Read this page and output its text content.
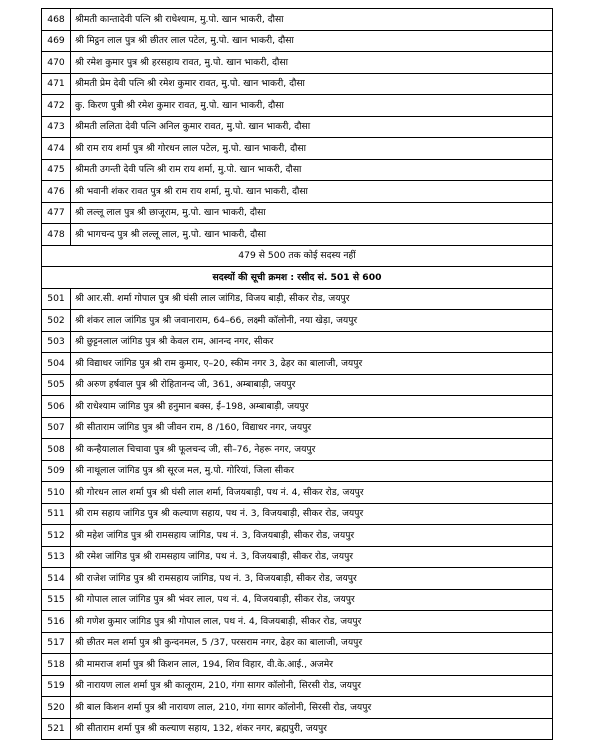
468	श्रीमती कान्तादेवी पत्नि श्री राधेश्याम, मु.पो. खान भाकरी, दौसा
469	श्री मिट्ठन लाल पुत्र श्री छीतर लाल पटेल, मु.पो. खान भाकरी, दौसा
470	श्री रमेश कुमार पुत्र श्री हरसहाय रावत, मु.पो. खान भाकरी, दौसा
471	श्रीमती प्रेम देवी पत्नि श्री रमेश कुमार रावत, मु.पो. खान भाकरी, दौसा
472	कु. किरण पुत्री श्री रमेश कुमार रावत, मु.पो. खान भाकरी, दौसा
473	श्रीमती ललिता देवी पत्नि अनिल कुमार रावत, मु.पो. खान भाकरी, दौसा
474	श्री राम राय शर्मा पुत्र श्री गोरधन लाल पटेल, मु.पो. खान भाकरी, दौसा
475	श्रीमती उगन्ती देवी पत्नि श्री राम राय शर्मा, मु.पो. खान भाकरी, दौसा
476	श्री भवानी शंकर रावत पुत्र श्री राम राय शर्मा, मु.पो. खान भाकरी, दौसा
477	श्री लल्लू लाल पुत्र श्री छाजूराम, मु.पो. खान भाकरी, दौसा
478	श्री भागचन्द पुत्र श्री लल्लू लाल, मु.पो. खान भाकरी, दौसा
479 से 500 तक कोई सदस्य नहीं	
सदस्यों की सूची क्रमश : रसीद सं. 501 से 600	
501	श्री आर.सी. शर्मा गोपाल पुत्र श्री घंसी लाल जांगिड, विजय बाड़ी, सीकर रोड, जयपुर
502	श्री शंकर लाल जांगिड पुत्र श्री जवानाराम, 64–66, लक्ष्मी कॉलोनी, नया खेड़ा, जयपुर
503	श्री छुट्टनलाल जांगिड पुत्र श्री केवल राम, आनन्द नगर, सीकर
504	श्री विद्याधर जांगिड पुत्र श्री राम कुमार, ए–20, स्कीम नगर 3, ढेहर का बालाजी, जयपुर
505	श्री अरुण हर्षवाल पुत्र श्री रोहितानन्द जी, 361, अम्बाबाड़ी, जयपुर
506	श्री राधेश्याम जांगिड पुत्र श्री हनुमान बक्स, ई–198, अम्बाबाड़ी, जयपुर
507	श्री सीताराम जांगिड पुत्र श्री जीवन राम, 8 /160, विद्याधर नगर, जयपुर
508	श्री कन्हैयालाल चिचावा पुत्र श्री फूलचन्द जी, सी–76, नेहरू नगर, जयपुर
509	श्री नाथूलाल जांगिड पुत्र श्री सूरज मल, मु.पो. गोरियां, जिला सीकर
510	श्री गोरधन लाल शर्मा पुत्र श्री घंसी लाल शर्मा, विजयबाड़ी, पथ नं. 4, सीकर रोड, जयपुर
511	श्री राम सहाय जांगिड पुत्र श्री कल्याण सहाय, पथ नं. 3, विजयबाड़ी, सीकर रोड, जयपुर
512	श्री महेश जांगिड पुत्र श्री रामसहाय जांगिड, पथ नं. 3, विजयबाड़ी, सीकर रोड, जयपुर
513	श्री रमेश जांगिड पुत्र श्री रामसहाय जांगिड, पथ नं. 3, विजयबाड़ी, सीकर रोड, जयपुर
514	श्री राजेश जांगिड पुत्र श्री रामसहाय जांगिड, पथ नं. 3, विजयबाड़ी, सीकर रोड, जयपुर
515	श्री गोपाल लाल जांगिड पुत्र श्री भंवर लाल, पथ नं. 4, विजयबाड़ी, सीकर रोड, जयपुर
516	श्री गणेश कुमार जांगिड पुत्र श्री गोपाल लाल, पथ नं. 4, विजयबाड़ी, सीकर रोड, जयपुर
517	श्री छीतर मल शर्मा पुत्र श्री कुन्दनमल, 5 /37, परसराम नगर, ढेहर का बालाजी, जयपुर
518	श्री मामराज शर्मा पुत्र श्री किशन लाल, 194, शिव विहार, वी.के.आई., अजमेर
519	श्री नारायण लाल शर्मा पुत्र श्री कालूराम, 210, गंगा सागर कॉलोनी, सिरसी रोड, जयपुर
520	श्री बाल किशन शर्मा पुत्र श्री नारायण लाल, 210, गंगा सागर कॉलोनी, सिरसी रोड, जयपुर
521	श्री सीताराम शर्मा पुत्र श्री कल्याण सहाय, 132, शंकर नगर, ब्रह्मपुरी, जयपुर
